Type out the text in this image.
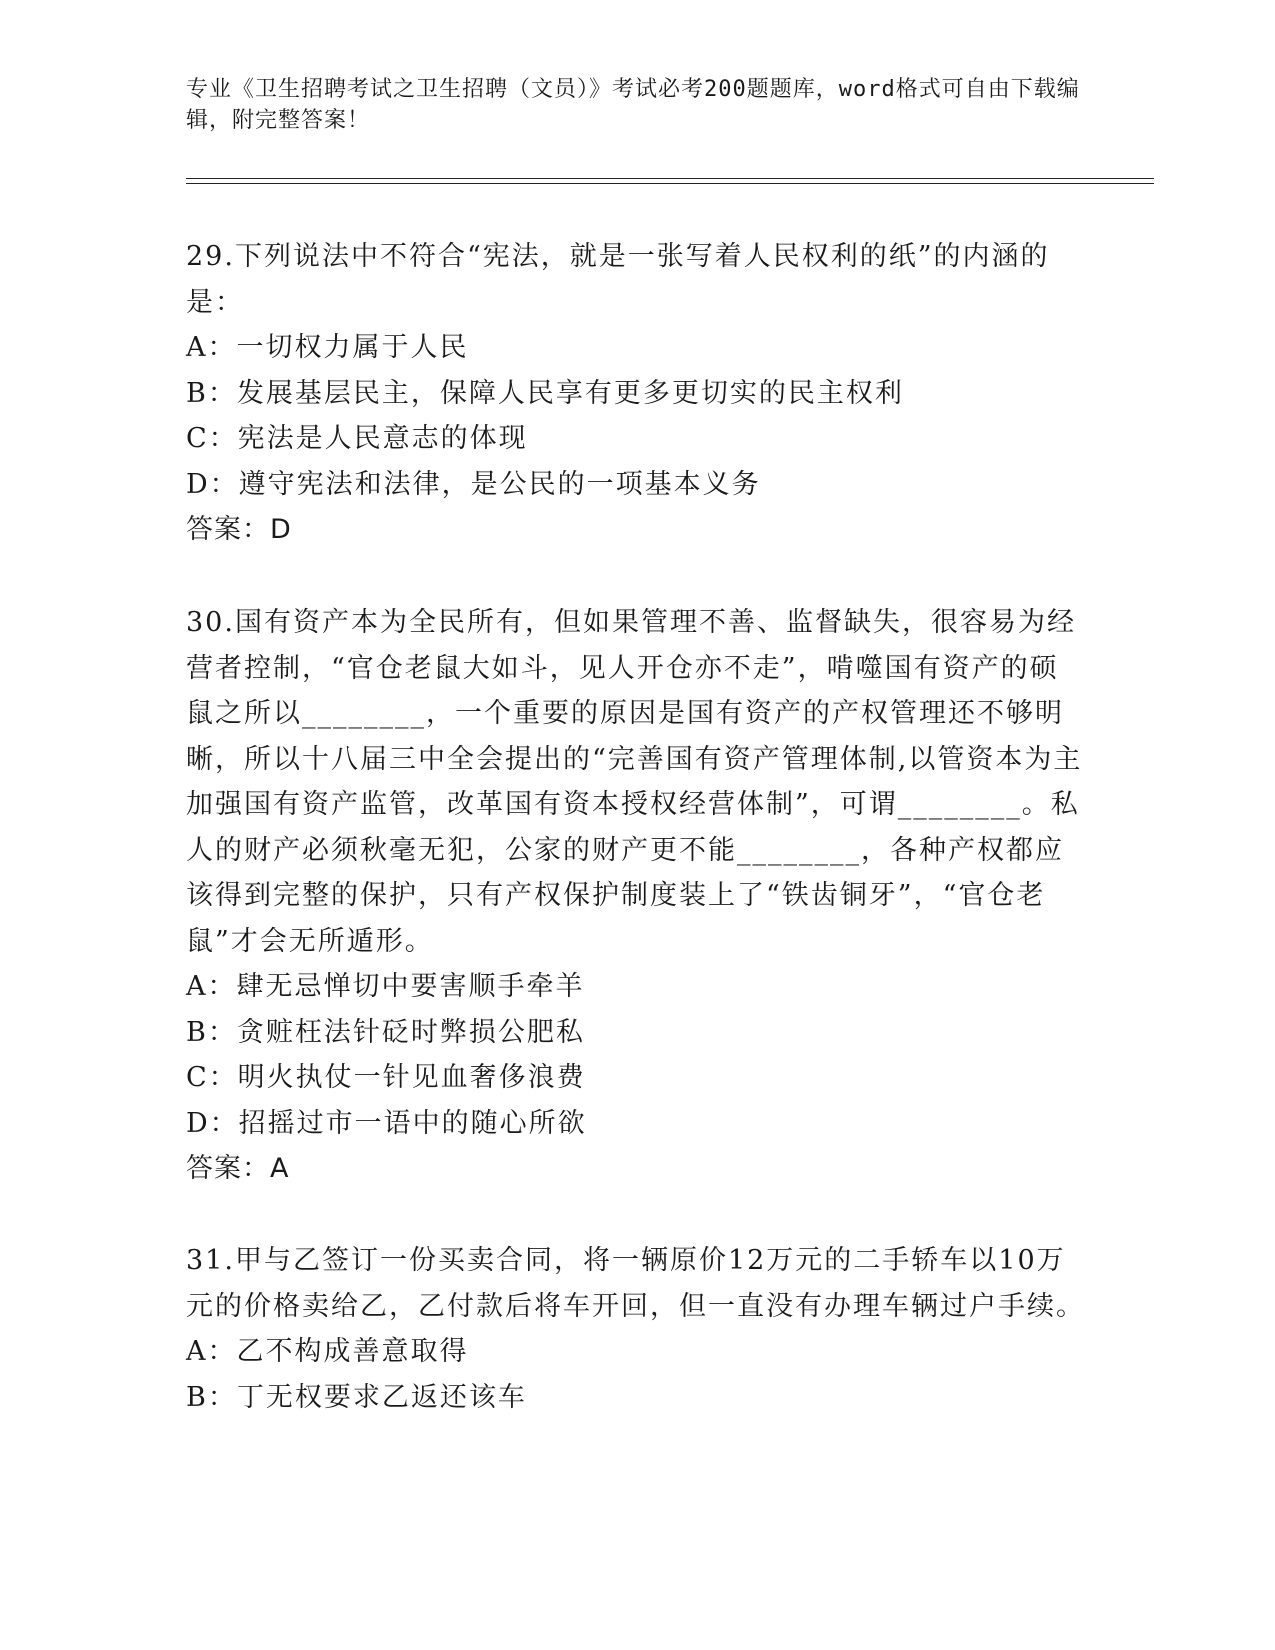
专业《卫生招聘考试之卫生招聘（文员）》考试必考200题题库，word格式可自由下载编辑，附完整答案！

29.下列说法中不符合“宪法，就是一张写着人民权利的纸”的内涵的是：

A：一切权力属于人民

B：发展基层民主，保障人民享有更多更切实的民主权利

C：宪法是人民意志的体现

D：遵守宪法和法律，是公民的一项基本义务

答案：D

30.国有资产本为全民所有，但如果管理不善、监督缺失，很容易为经营者控制，“官仓老鼠大如斗，见人开仓亦不走”，啃噬国有资产的硕鼠之所以________，一个重要的原因是国有资产的产权管理还不够明晰，所以十八届三中全会提出的“完善国有资产管理体制,以管资本为主加强国有资产监管，改革国有资本授权经营体制”，可谓________。私人的财产必须秋毫无犯，公家的财产更不能________，各种产权都应该得到完整的保护，只有产权保护制度装上了“铁齿铜牙”，“官仓老鼠”才会无所遁形。

A：肆无忌惮切中要害顺手牵羊

B：贪赃枉法针砭时弊损公肥私

C：明火执仗一针见血奢侈浪费

D：招摇过市一语中的随心所欲

答案：A

31.甲与乙签订一份买卖合同，将一辆原价12万元的二手轿车以10万元的价格卖给乙，乙付款后将车开回，但一直没有办理车辆过户手续。

A：乙不构成善意取得

B：丁无权要求乙返还该车
